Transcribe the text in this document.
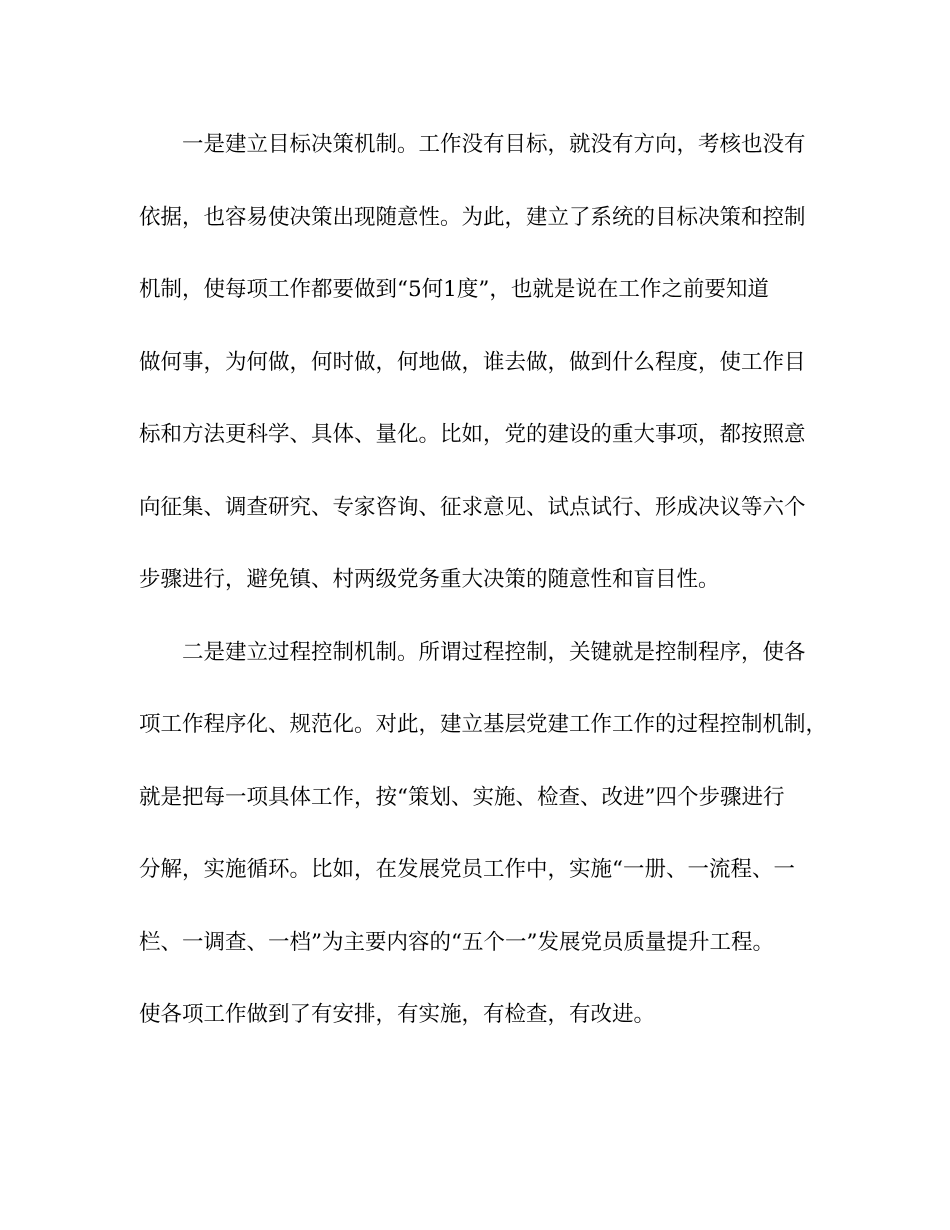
一是建立目标决策机制。工作没有目标，就没有方向，考核也没有
依据，也容易使决策出现随意性。为此，建立了系统的目标决策和控制
机制，使每项工作都要做到“5何1度”，也就是说在工作之前要知道
做何事，为何做，何时做，何地做，谁去做，做到什么程度，使工作目
标和方法更科学、具体、量化。比如，党的建设的重大事项，都按照意
向征集、调查研究、专家咨询、征求意见、试点试行、形成决议等六个
步骤进行，避免镇、村两级党务重大决策的随意性和盲目性。
二是建立过程控制机制。所谓过程控制，关键就是控制程序，使各
项工作程序化、规范化。对此，建立基层党建工作工作的过程控制机制，
就是把每一项具体工作，按“策划、实施、检查、改进”四个步骤进行
分解，实施循环。比如，在发展党员工作中，实施“一册、一流程、一
栏、一调查、一档”为主要内容的“五个一”发展党员质量提升工程。
使各项工作做到了有安排，有实施，有检查，有改进。
